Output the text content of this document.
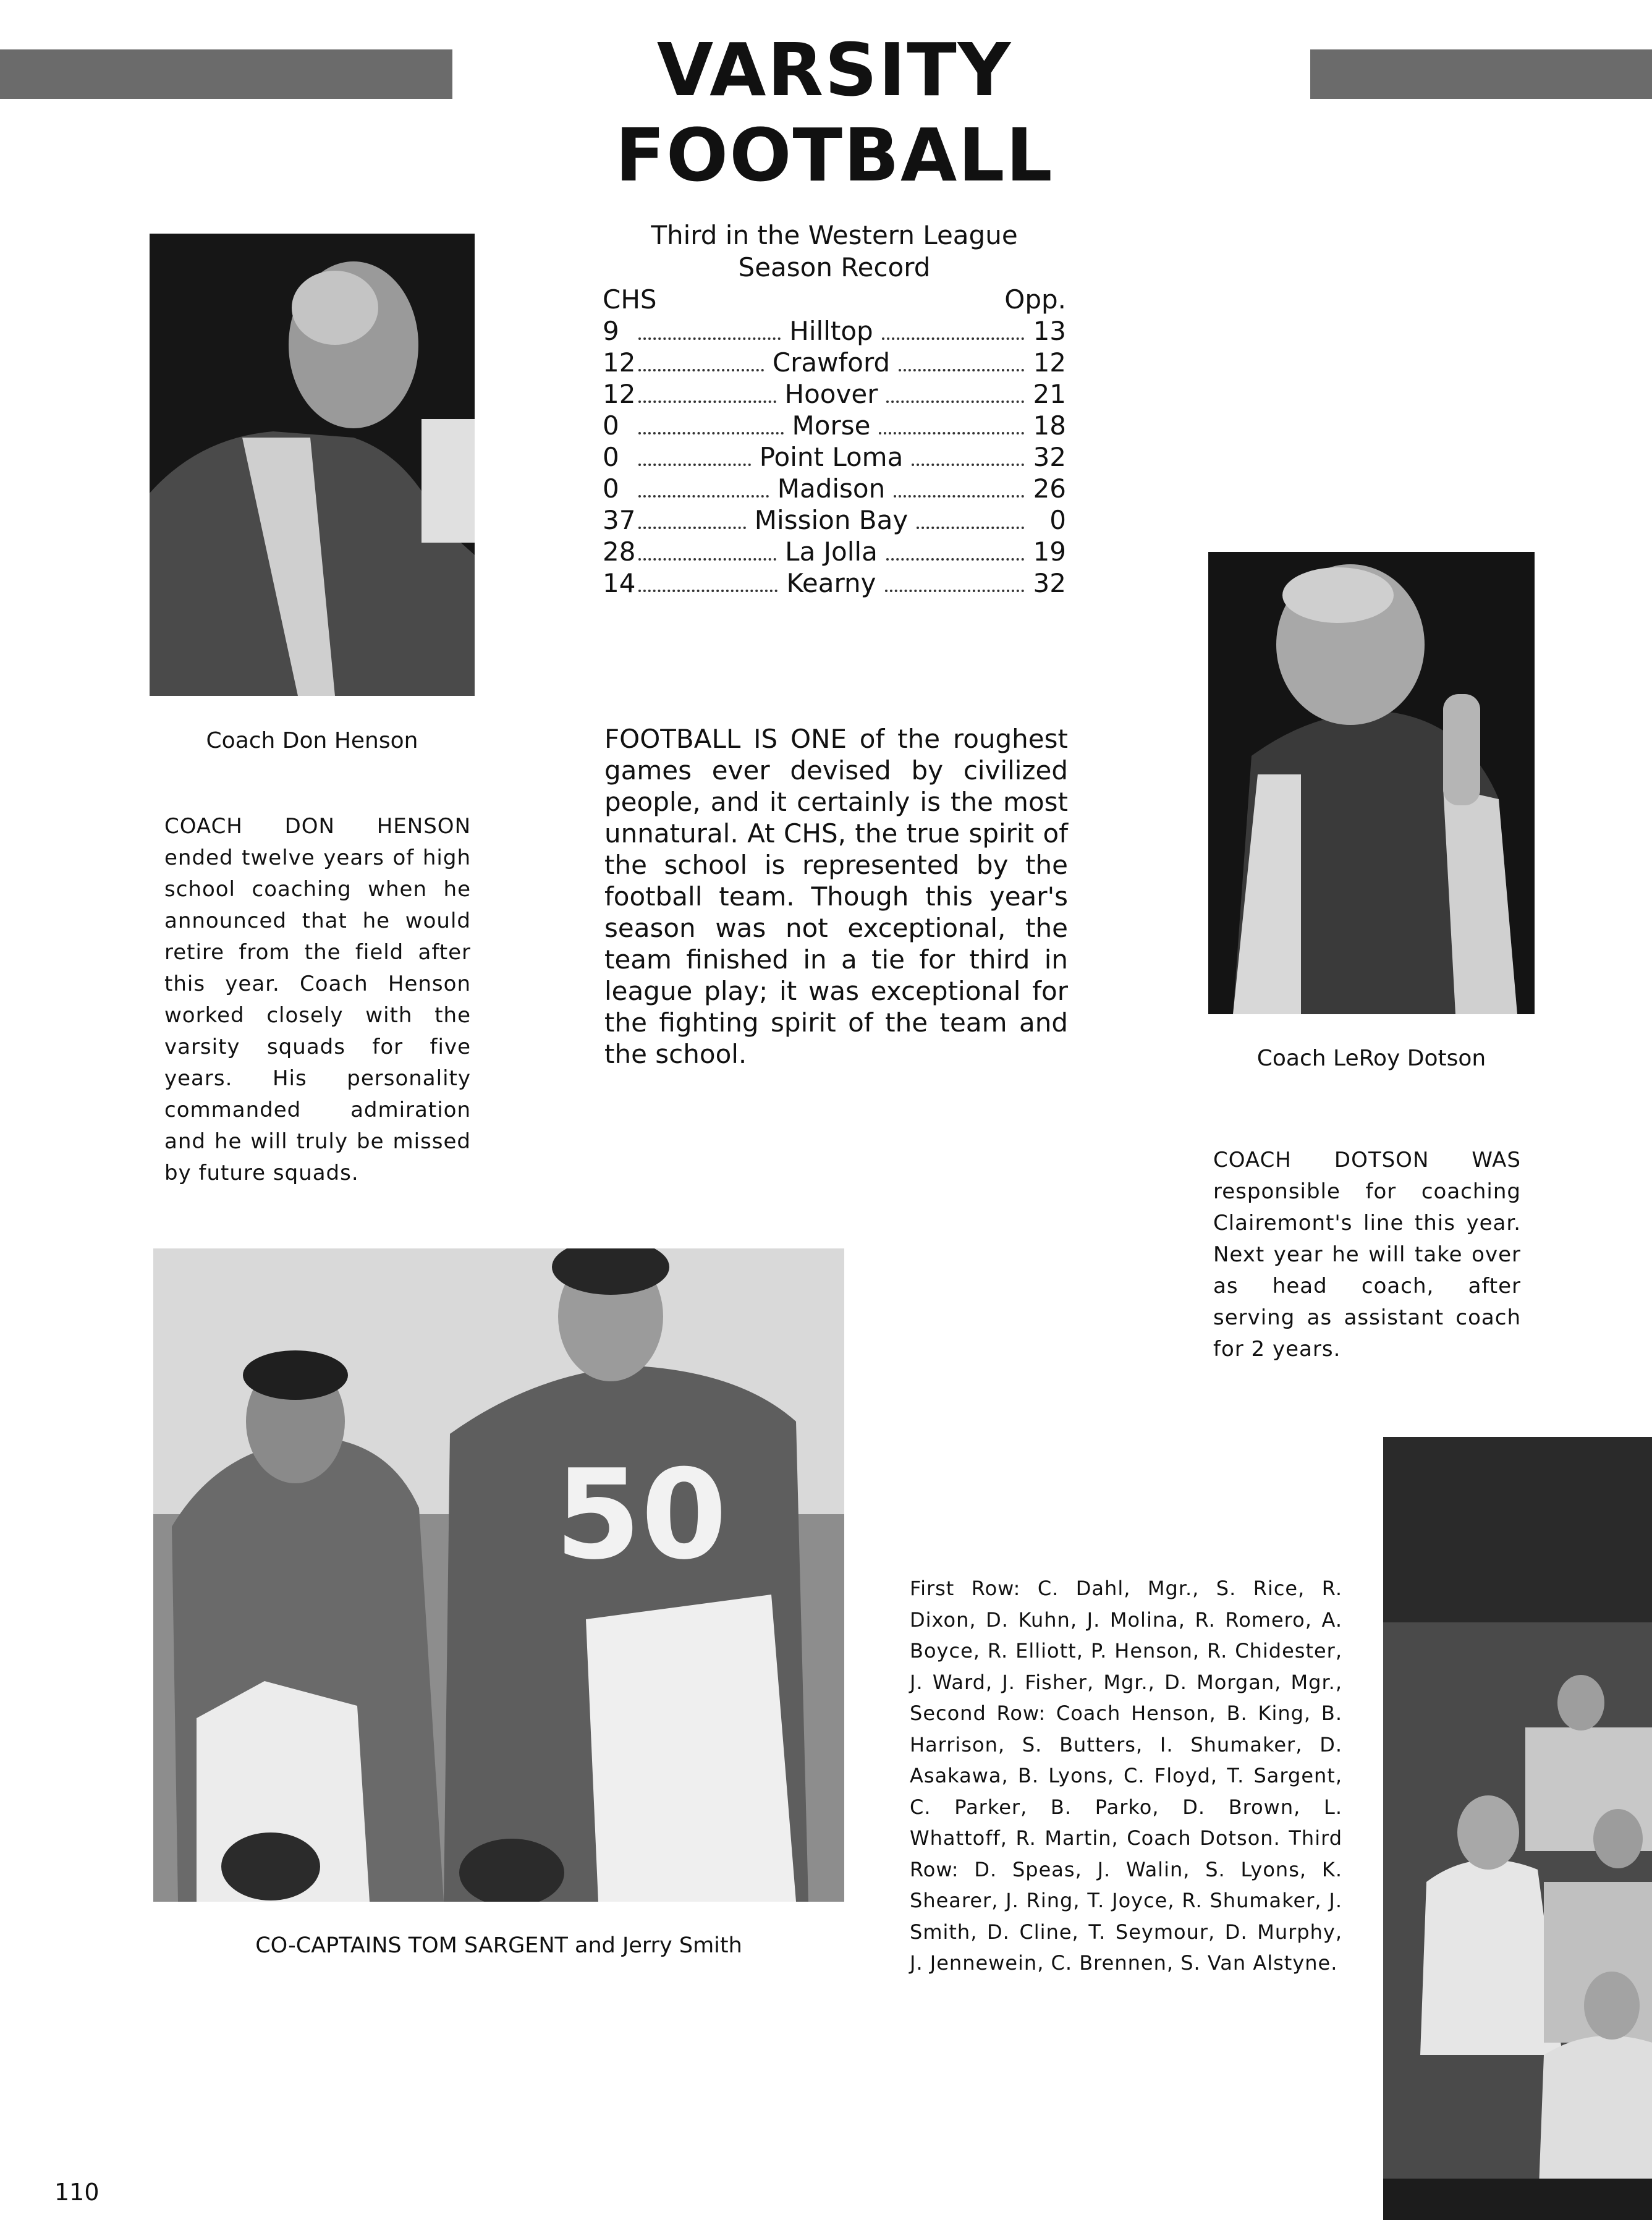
VARSITY FOOTBALL
Coach Don Henson

COACH DON HENSON ended twelve years of high school coaching when he announced that he would retire from the field after this year. Coach Henson worked closely with the varsity squads for five years. His personality commanded admiration and he will truly be missed by future squads.

Third in the Western League
Season Record
CHS	Opp.
9	Hilltop	13
12	Crawford	12
12	Hoover	21
0	Morse	18
0	Point Loma	32
0	Madison	26
37	Mission Bay	0
28	La Jolla	19
14	Kearny	32

FOOTBALL IS ONE of the roughest games ever devised by civilized people, and it certainly is the most unnatural. At CHS, the true spirit of the school is represented by the football team. Though this year's season was not exceptional, the team finished in a tie for third in league play; it was exceptional for the fighting spirit of the team and the school.	Coach LeRoy Dotson

COACH DOTSON WAS responsible for coaching Clairemont's line this year. Next year he will take over as head coach, after serving as assistant coach for 2 years.

50
CO-CAPTAINS TOM SARGENT and Jerry Smith

First Row: C. Dahl, Mgr., S. Rice, R. Dixon, D. Kuhn, J. Molina, R. Romero, A. Boyce, R. Elliott, P. Henson, R. Chidester, J. Ward, J. Fisher, Mgr., D. Morgan, Mgr., Second Row: Coach Henson, B. King, B. Harrison, S. Butters, I. Shumaker, D. Asakawa, B. Lyons, C. Floyd, T. Sargent, C. Parker, B. Parko, D. Brown, L. Whattoff, R. Martin, Coach Dotson. Third Row: D. Speas, J. Walin, S. Lyons, K. Shearer, J. Ring, T. Joyce, R. Shumaker, J. Smith, D. Cline, T. Seymour, D. Murphy, J. Jennewein, C. Brennen, S. Van Alstyne.

110
